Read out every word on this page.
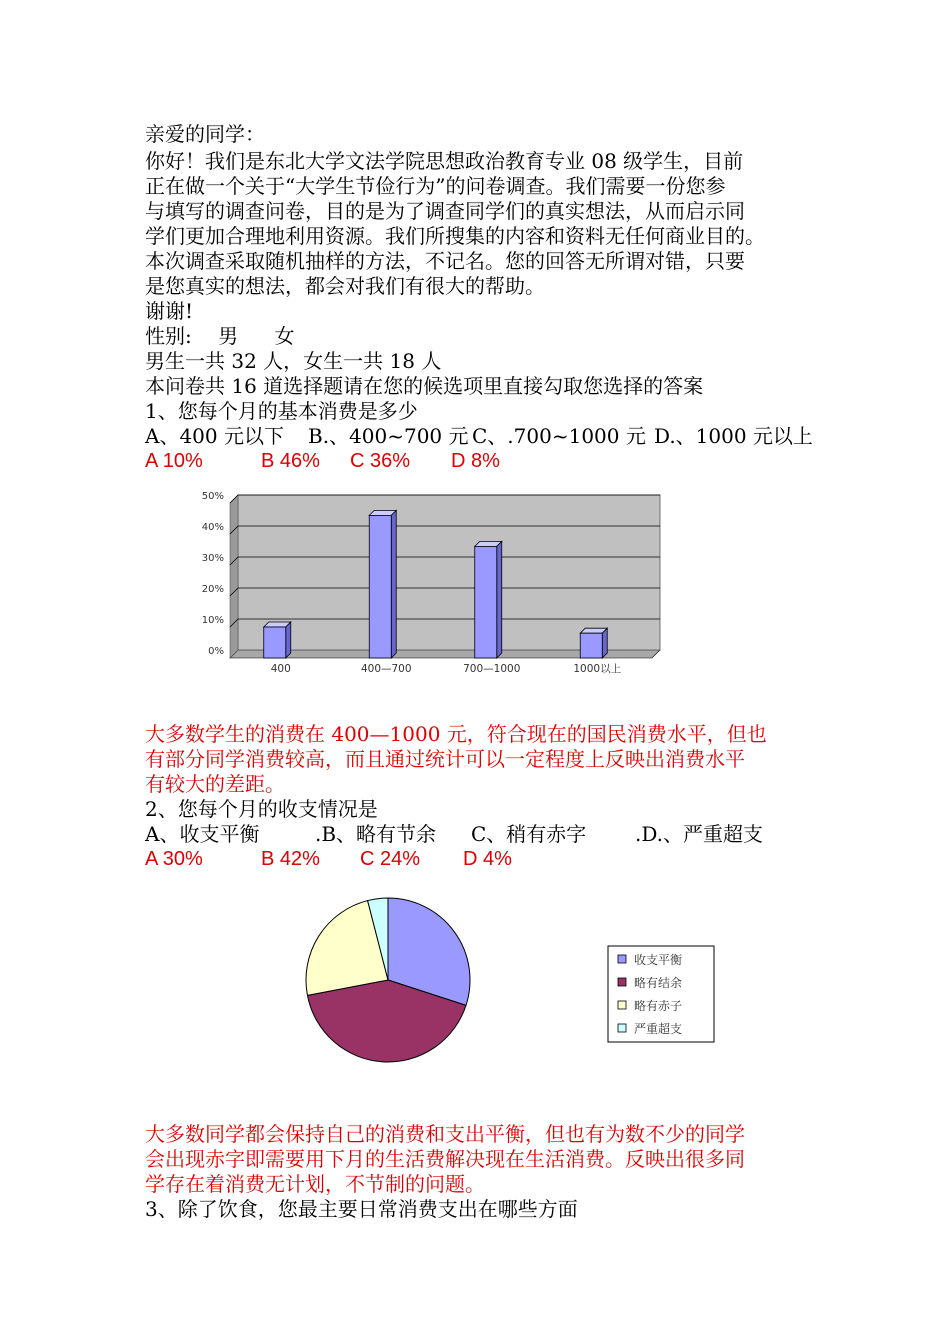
亲爱的同学：
你好！我们是东北大学文法学院思想政治教育专业 08 级学生，目前
正在做一个关于“大学生节俭行为”的问卷调查。我们需要一份您参
与填写的调查问卷，目的是为了调查同学们的真实想法，从而启示同
学们更加合理地利用资源。我们所搜集的内容和资料无任何商业目的。
本次调查采取随机抽样的方法，不记名。您的回答无所谓对错，只要
是您真实的想法，都会对我们有很大的帮助。
谢谢!
性别: 男 女
男生一共 32 人，女生一共 18 人
本问卷共 16 道选择题请在您的候选项里直接勾取您选择的答案
1、您每个月的基本消费是多少
A、400 元以下 B.、400~700 元 C、.700~1000 元 D.、1000 元以上
A 10%	B 46% C 36% D 8%
0%
10%
20%
30%
40%
50%
400	400—700	700—1000	1000以上
大多数学生的消费在 400—1000 元，符合现在的国民消费水平，但也
有部分同学消费较高，而且通过统计可以一定程度上反映出消费水平
有较大的差距。
2、您每个月的收支情况是
A、收支平衡	.B、略有节余 C、稍有赤字 .D.、严重超支
A 30%	B 42% C 24% D 4%
收支平衡
略有结余
略有赤子
严重超支
大多数同学都会保持自己的消费和支出平衡，但也有为数不少的同学
会出现赤字即需要用下月的生活费解决现在生活消费。反映出很多同
学存在着消费无计划，不节制的问题。
3、除了饮食，您最主要日常消费支出在哪些方面
